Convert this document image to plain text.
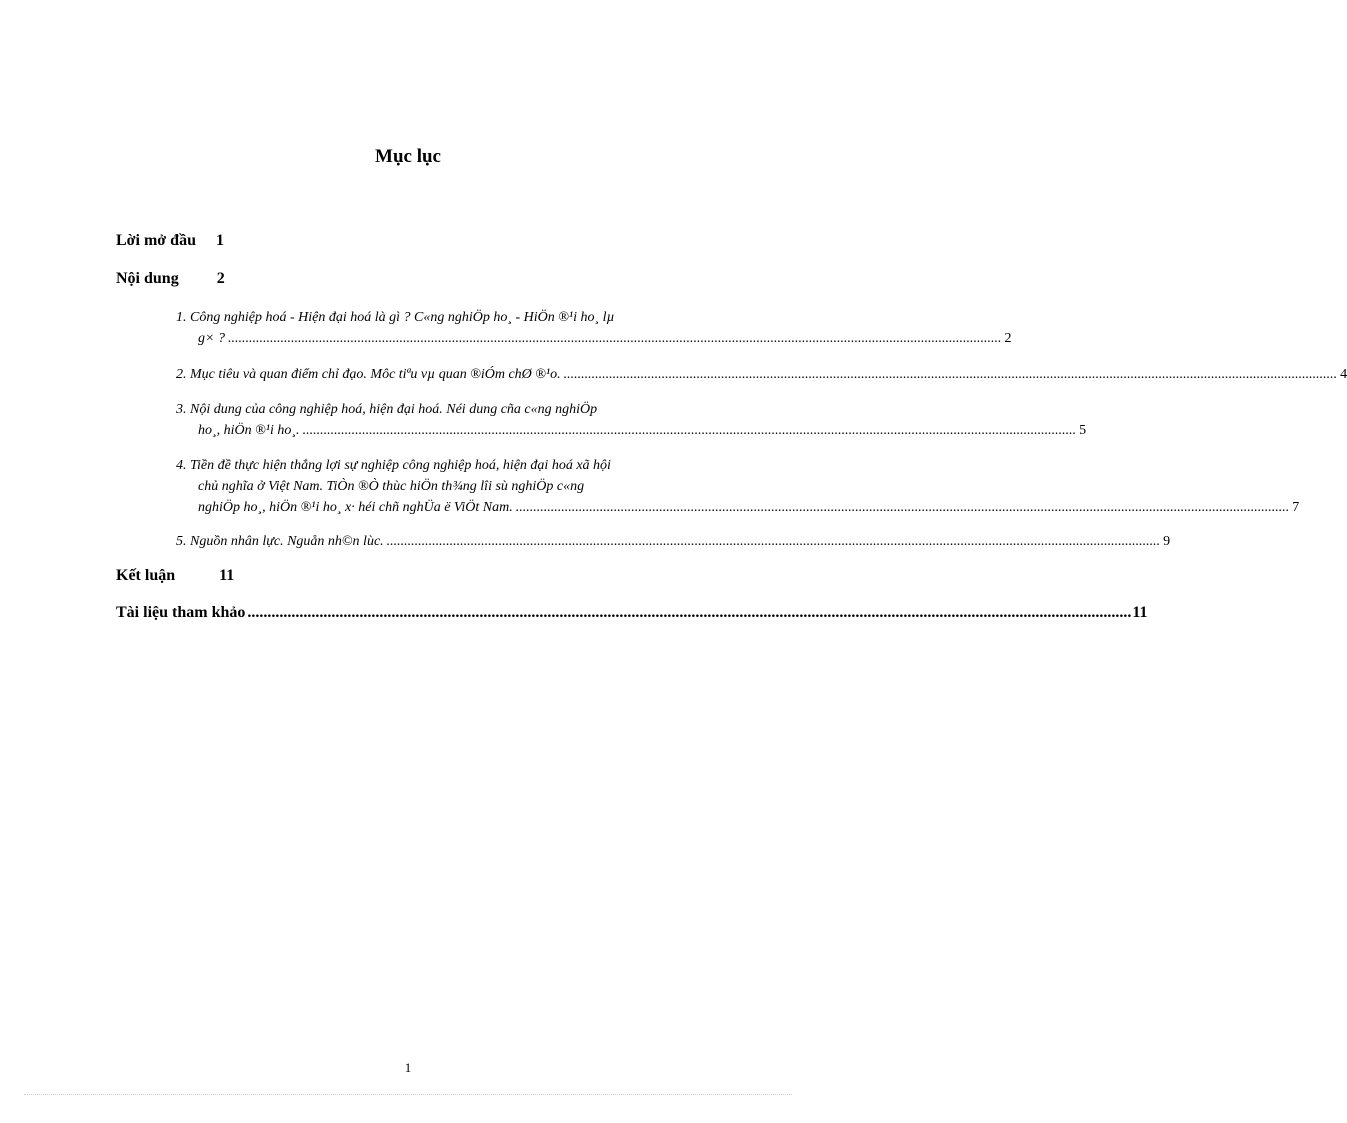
Mục lục
Lời mở đầu 1
Nội dung 2
1. Công nghiệp hoá - Hiện đại hoá là gì ? C«ng nghiÖp ho¸ - HiÖn ®¹i ho¸ lµ
g× ? ............................................................................................................................................................................................................................. 2
2. Mục tiêu và quan điểm chỉ đạo. Môc tiªu vµ quan ®iÓm chØ ®¹o. ............................................................................................................................................................................................................................. 4
3. Nội dung của công nghiệp hoá, hiện đại hoá. Néi dung cña c«ng nghiÖp
ho¸, hiÖn ®¹i ho¸. ............................................................................................................................................................................................................................. 5
4. Tiền đề thực hiện thắng lợi sự nghiệp công nghiệp hoá, hiện đại hoá xã hội
chủ nghĩa ở Việt Nam. TiÒn ®Ò thùc hiÖn th¾ng lîi sù nghiÖp c«ng
nghiÖp ho¸, hiÖn ®¹i ho¸ x· héi chñ nghÜa ë ViÖt Nam. ............................................................................................................................................................................................................................. 7
5. Nguồn nhân lực. Nguån nh©n lùc. ............................................................................................................................................................................................................................. 9
Kết luận	11
Tài liệu tham khảo ............................................................................................................................................................................................................................. 11
1
